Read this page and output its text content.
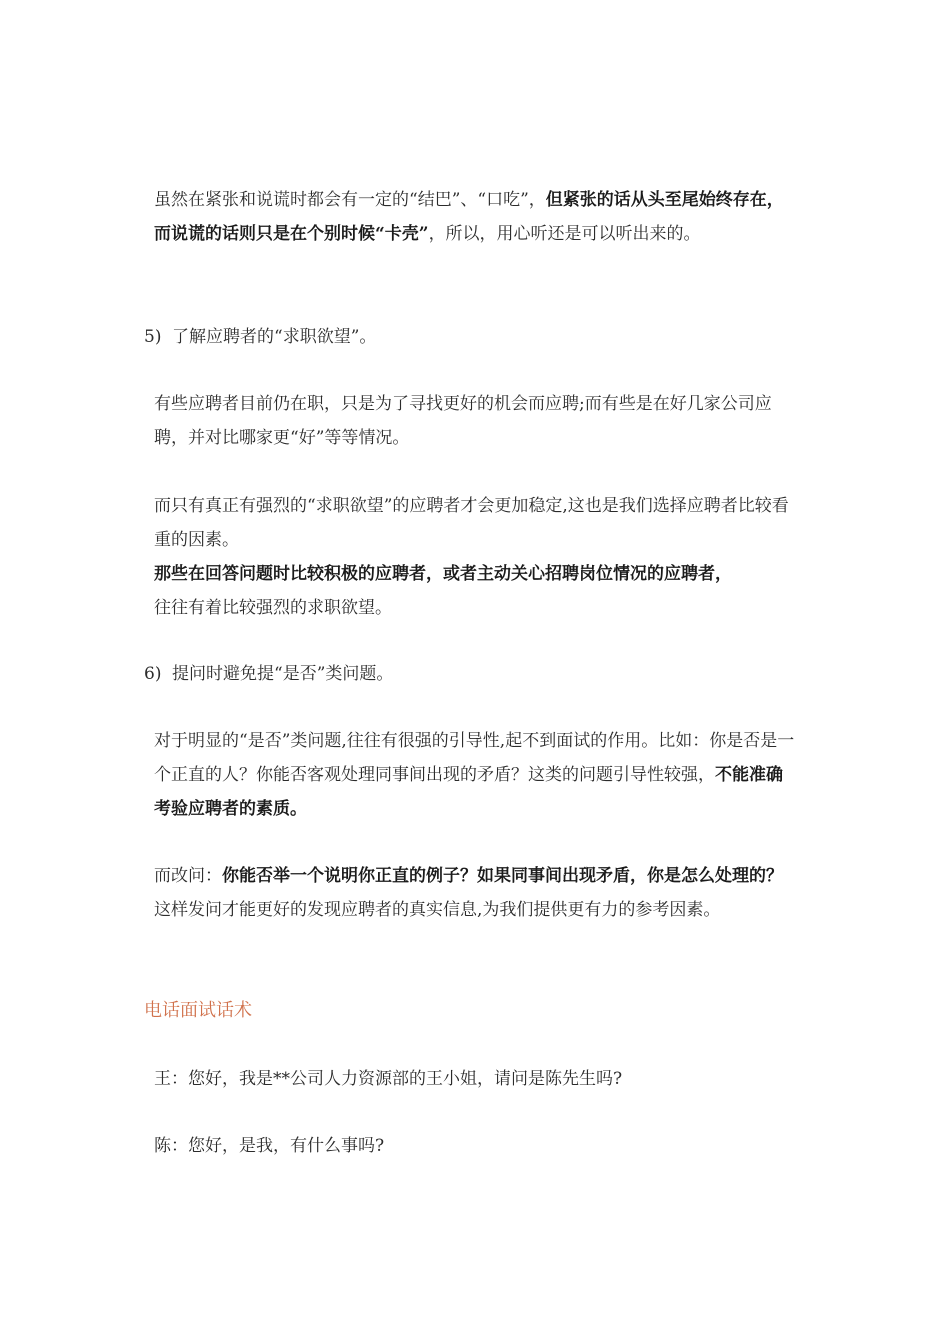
虽然在紧张和说谎时都会有一定的“结巴”、“口吃”，但紧张的话从头至尾始终存在，而说谎的话则只是在个别时候“卡壳”，所以，用心听还是可以听出来的。

5) 了解应聘者的“求职欲望”。

有些应聘者目前仍在职，只是为了寻找更好的机会而应聘;而有些是在好几家公司应聘，并对比哪家更“好”等等情况。

而只有真正有强烈的“求职欲望”的应聘者才会更加稳定,这也是我们选择应聘者比较看重的因素。
那些在回答问题时比较积极的应聘者，或者主动关心招聘岗位情况的应聘者，
往往有着比较强烈的求职欲望。

6) 提问时避免提“是否”类问题。

对于明显的“是否”类问题,往往有很强的引导性,起不到面试的作用。比如：你是否是一个正直的人？你能否客观处理同事间出现的矛盾？这类的问题引导性较强，不能准确考验应聘者的素质。

而改问：你能否举一个说明你正直的例子？如果同事间出现矛盾，你是怎么处理的？这样发问才能更好的发现应聘者的真实信息,为我们提供更有力的参考因素。

电话面试话术

王：您好，我是**公司人力资源部的王小姐，请问是陈先生吗?

陈：您好，是我，有什么事吗?
